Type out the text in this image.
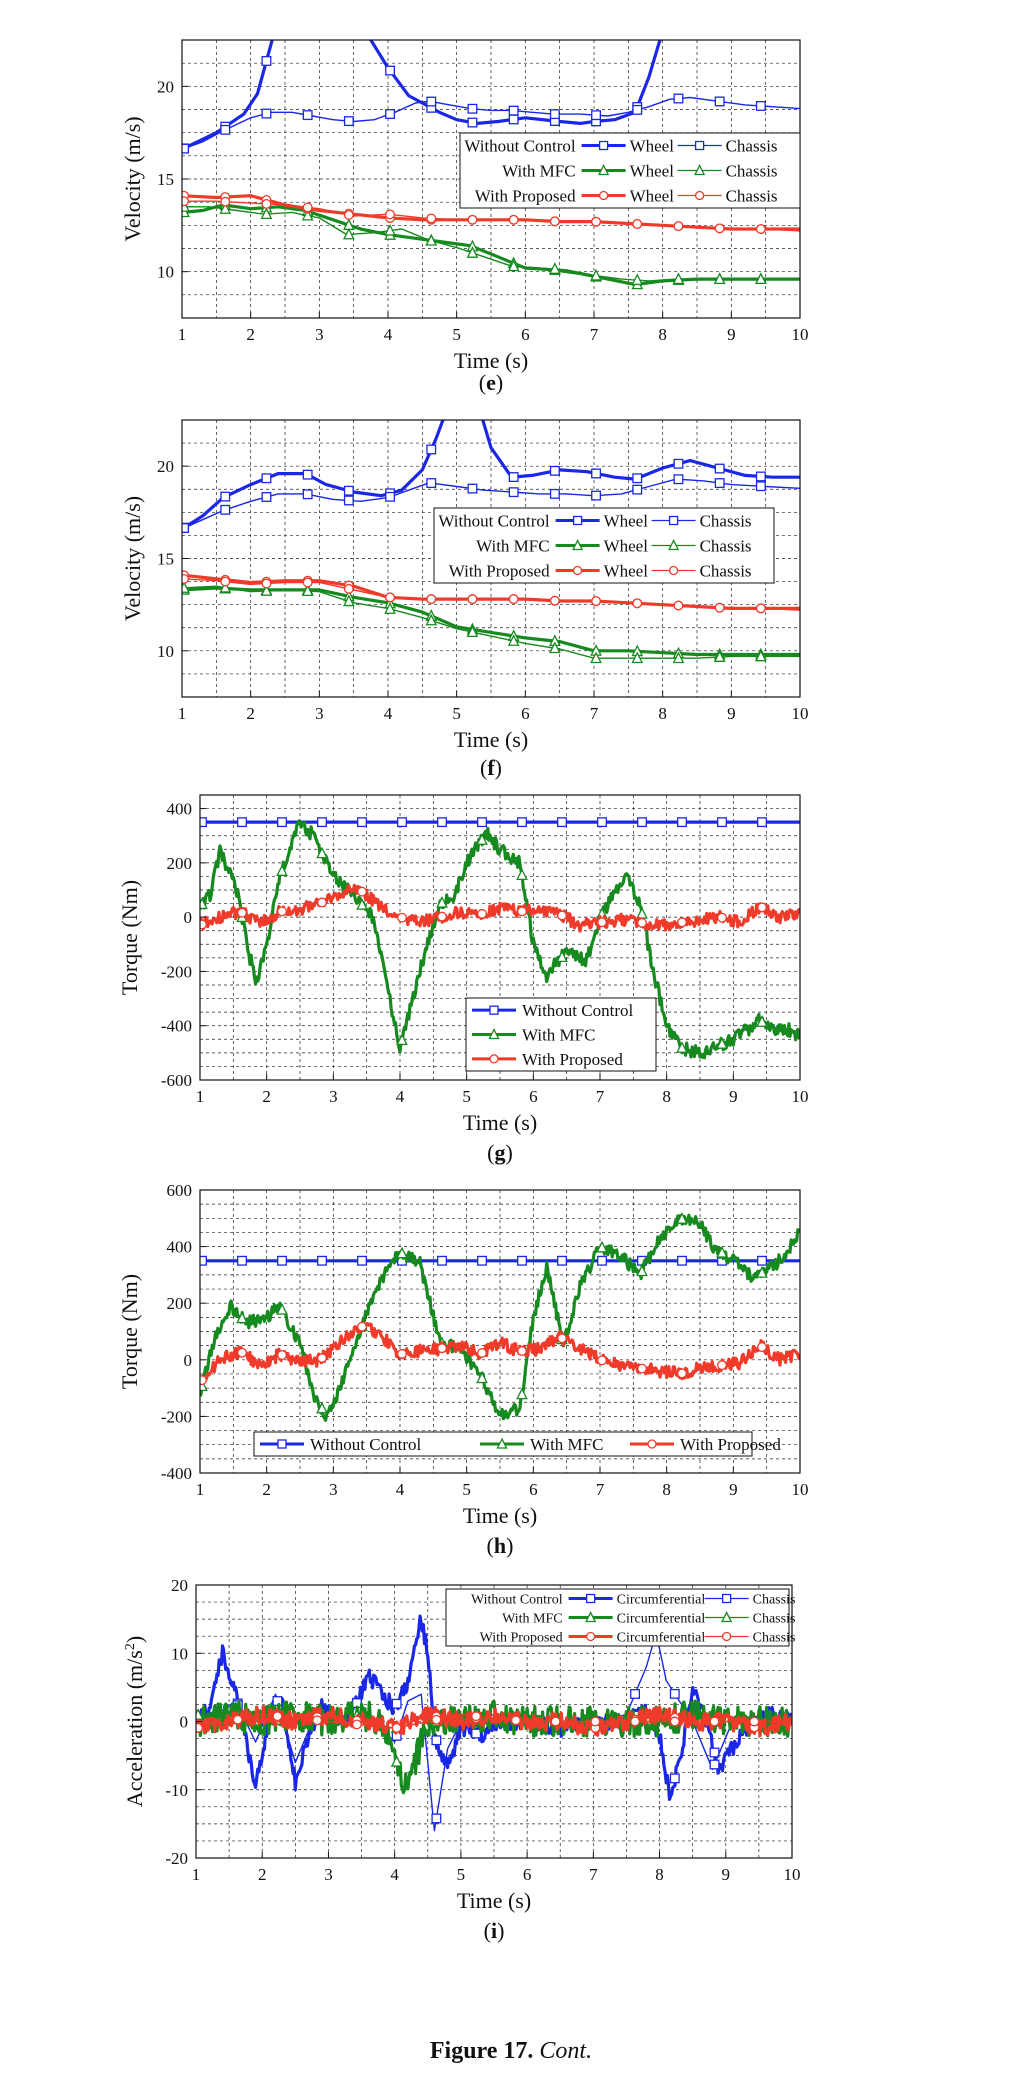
1	2	3	4	5	6	7	8	9	10
10
15
20
Time (s)
Velocity (m/s)
(e)
Without Control	Wheel	Chassis
With MFC	Wheel	Chassis
With Proposed	Wheel	Chassis
1	2	3	4	5	6	7	8	9	10
10
15
20
Time (s)
Velocity (m/s)
(f)
Without Control	Wheel	Chassis
With MFC	Wheel	Chassis
With Proposed	Wheel	Chassis
1	2	3	4	5	6	7	8	9	10
-600
-400
-200
0
200
400
Time (s)
Torque (Nm)
(g)
Without Control
With MFC
With Proposed
1	2	3	4	5	6	7	8	9	10
-400
-200
0
200
400
600
Time (s)
Torque (Nm)
(h)
Without Control	With MFC	With Proposed
1	2	3	4	5	6	7	8	9	10
-20
-10
0
10
20
Time (s)
Acceleration $(m/s^2)$
(i)
Without Control	Circumferential	Chassis
With MFC	Circumferential	Chassis
With Proposed	Circumferential	Chassis
Figure 17. Cont.
